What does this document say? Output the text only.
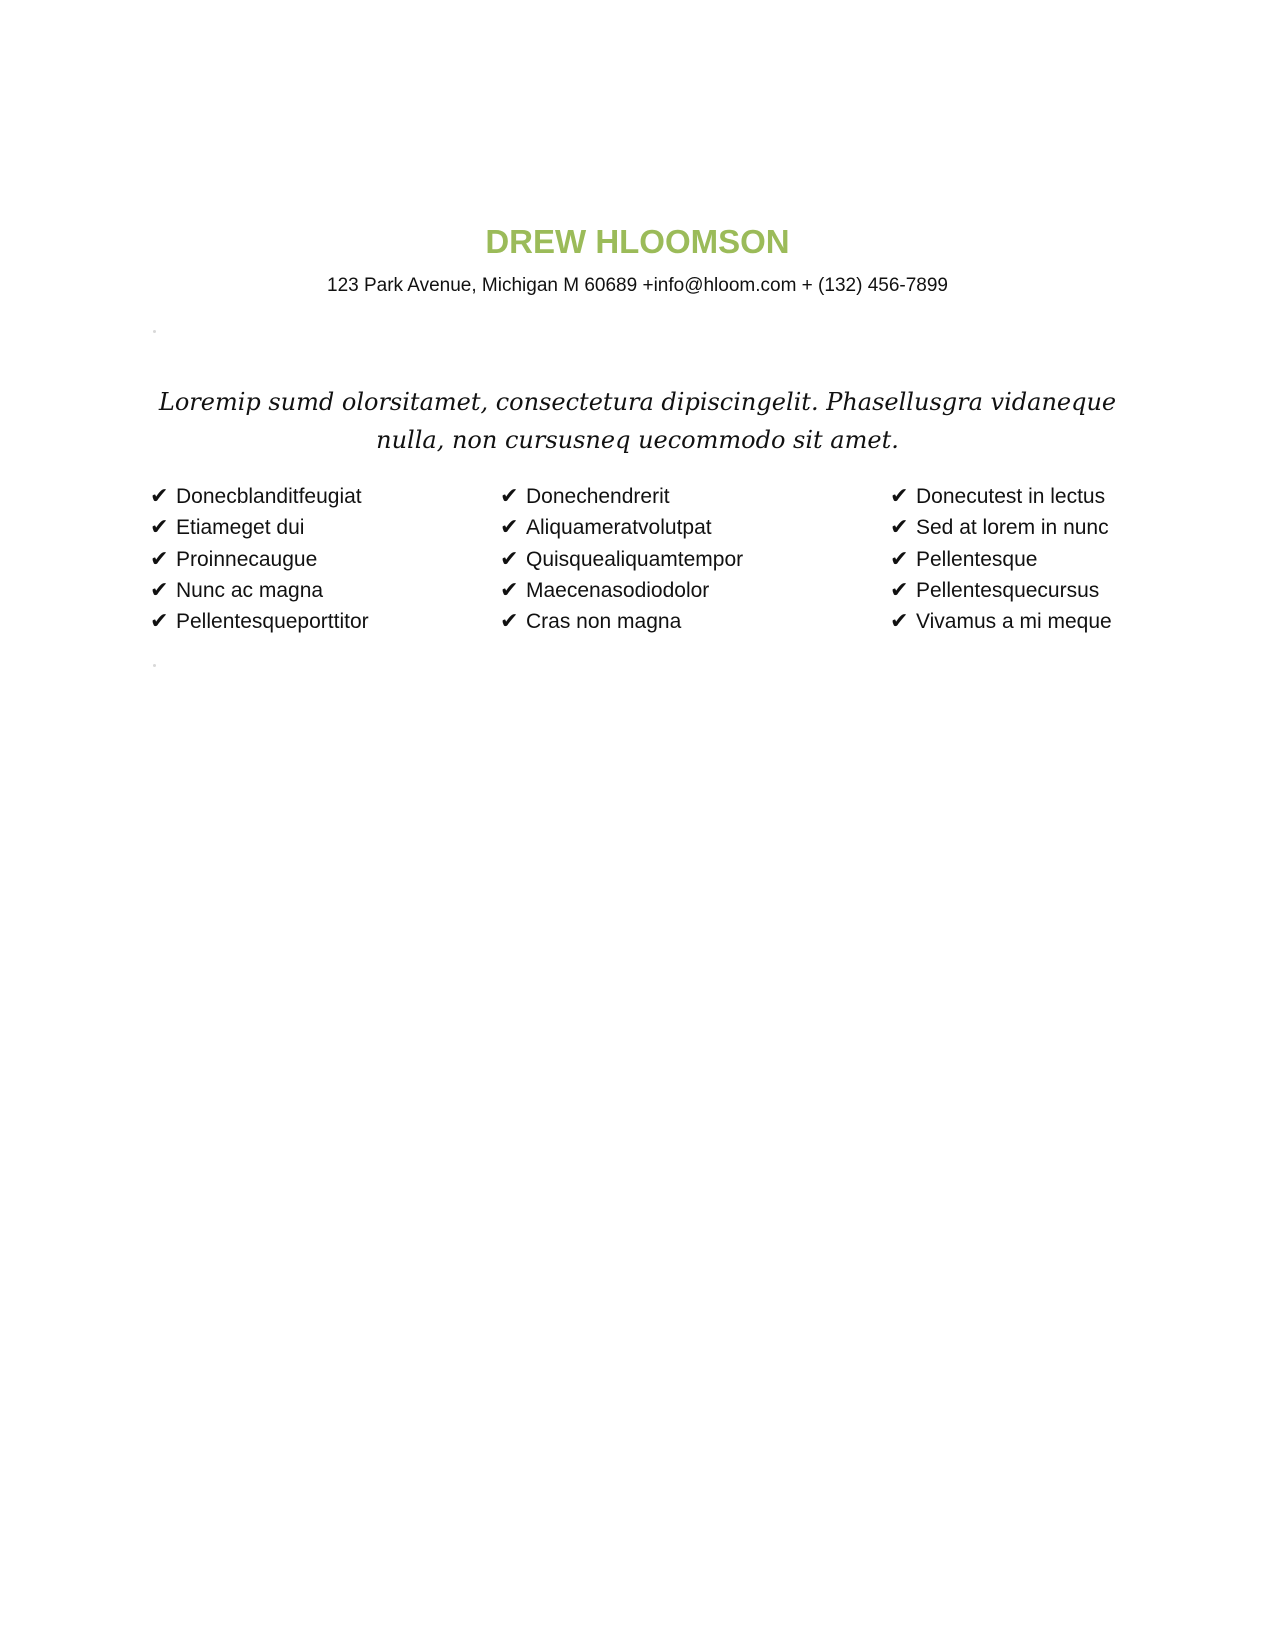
DREW HLOOMSON
123 Park Avenue, Michigan M 60689 +info@hloom.com + (132) 456-7899
Loremip sumd olorsitamet, consectetura dipiscingelit. Phasellusgra vidaneque
nulla, non cursusneq uecommodo sit amet.
✔ Donecblanditfeugiat
✔ Etiameget dui
✔ Proinnecaugue
✔ Nunc ac magna
✔ Pellentesqueporttitor
✔ Donechendrerit
✔ Aliquameratvolutpat
✔ Quisquealiquamtempor
✔ Maecenasodiodolor
✔ Cras non magna
✔ Donecutest in lectus
✔ Sed at lorem in nunc
✔ Pellentesque
✔ Pellentesquecursus
✔ Vivamus a mi meque
